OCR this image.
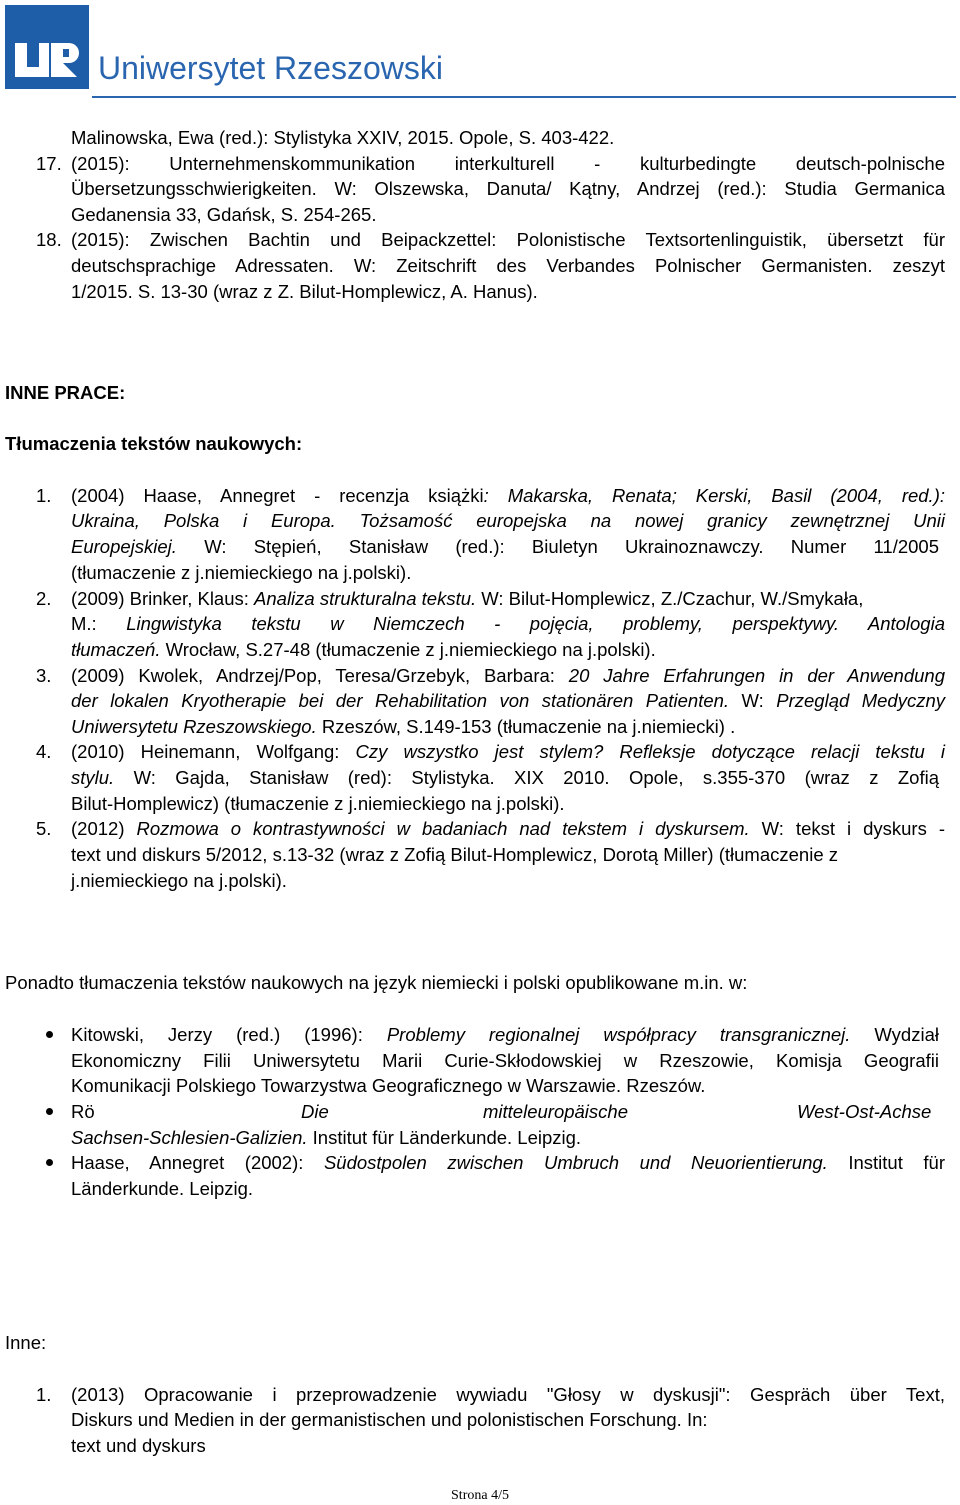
Uniwersytet Rzeszowski
Malinowska, Ewa (red.): Stylistyka XXIV, 2015. Opole, S. 403-422.
17. (2015): Unternehmenskommunikation interkulturell - kulturbedingte deutsch-polnische
Übersetzungsschwierigkeiten. W: Olszewska, Danuta/ Kątny, Andrzej (red.): Studia Germanica
Gedanensia 33, Gdańsk, S. 254-265.
18. (2015): Zwischen Bachtin und Beipackzettel: Polonistische Textsortenlinguistik, übersetzt für
deutschsprachige Adressaten. W: Zeitschrift des Verbandes Polnischer Germanisten. zeszyt
1/2015. S. 13-30 (wraz z Z. Bilut-Homplewicz, A. Hanus).
INNE PRACE:
Tłumaczenia tekstów naukowych:
1. (2004) Haase, Annegret - recenzja książki: Makarska, Renata; Kerski, Basil (2004, red.):
Ukraina, Polska i Europa. Tożsamość europejska na nowej granicy zewnętrznej Unii
Europejskiej. W: Stępień, Stanisław (red.): Biuletyn Ukrainoznawczy. Numer 11/2005
(tłumaczenie z j.niemieckiego na j.polski).
2. (2009) Brinker, Klaus: Analiza strukturalna tekstu. W: Bilut-Homplewicz, Z./Czachur, W./Smykała,
M.: Lingwistyka tekstu w Niemczech - pojęcia, problemy, perspektywy. Antologia
tłumaczeń. Wrocław, S.27-48 (tłumaczenie z j.niemieckiego na j.polski).
3. (2009) Kwolek, Andrzej/Pop, Teresa/Grzebyk, Barbara: 20 Jahre Erfahrungen in der Anwendung
der lokalen Kryotherapie bei der Rehabilitation von stationären Patienten. W: Przegląd Medyczny
Uniwersytetu Rzeszowskiego. Rzeszów, S.149-153 (tłumaczenie na j.niemiecki) .
4. (2010) Heinemann, Wolfgang: Czy wszystko jest stylem? Refleksje dotyczące relacji tekstu i
stylu. W: Gajda, Stanisław (red): Stylistyka. XIX 2010. Opole, s.355-370 (wraz z Zofią
Bilut-Homplewicz) (tłumaczenie z j.niemieckiego na j.polski).
5. (2012) Rozmowa o kontrastywności w badaniach nad tekstem i dyskursem. W: tekst i dyskurs -
text und diskurs 5/2012, s.13-32 (wraz z Zofią Bilut-Homplewicz, Dorotą Miller) (tłumaczenie z
j.niemieckiego na j.polski).
Ponadto tłumaczenia tekstów naukowych na język niemiecki i polski opublikowane m.in. w:
Kitowski, Jerzy (red.) (1996): Problemy regionalnej współpracy transgranicznej. Wydział
Ekonomiczny Filii Uniwersytetu Marii Curie-Skłodowskiej w Rzeszowie, Komisja Geografii
Komunikacji Polskiego Towarzystwa Geograficznego w Warszawie. Rzeszów.
Rö	Die	mitteleuropäische	West-Ost-Achse
Sachsen-Schlesien-Galizien. Institut für Länderkunde. Leipzig.
Haase, Annegret (2002): Südostpolen zwischen Umbruch und Neuorientierung. Institut für
Länderkunde. Leipzig.
Inne:
1. (2013) Opracowanie i przeprowadzenie wywiadu "Głosy w dyskusji": Gespräch über Text,
Diskurs und Medien in der germanistischen und polonistischen Forschung. In:
text und dyskurs
Strona 4/5
